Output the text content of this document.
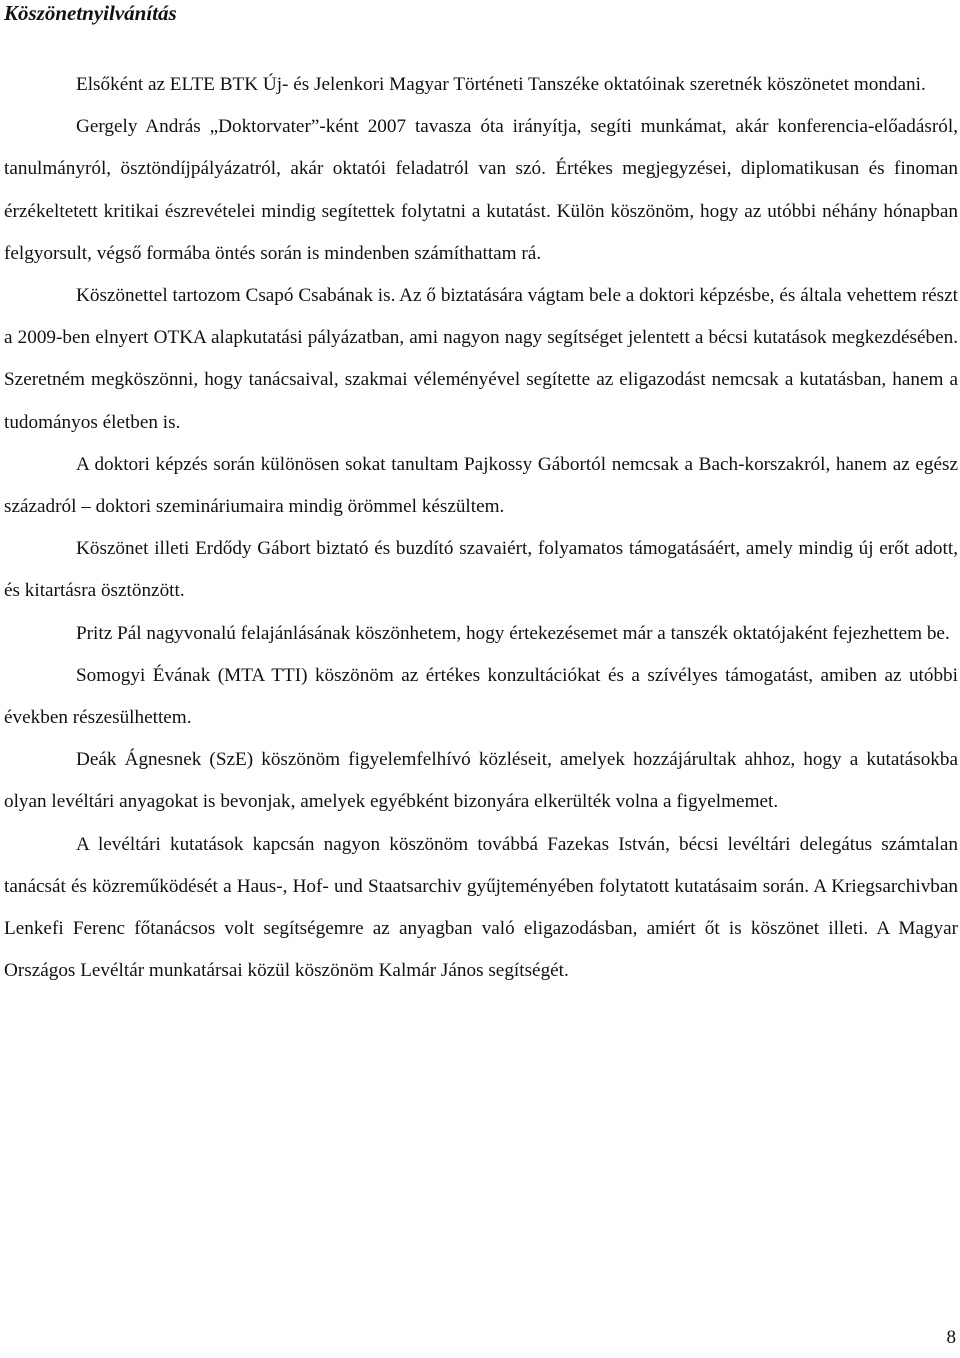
Köszönetnyilvánítás

Elsőként az ELTE BTK Új- és Jelenkori Magyar Történeti Tanszéke oktatóinak szeretnék köszönetet mondani.

Gergely András „Doktorvater”-ként 2007 tavasza óta irányítja, segíti munkámat, akár konferencia-előadásról, tanulmányról, ösztöndíjpályázatról, akár oktatói feladatról van szó. Értékes megjegyzései, diplomatikusan és finoman érzékeltetett kritikai észrevételei mindig segítettek folytatni a kutatást. Külön köszönöm, hogy az utóbbi néhány hónapban felgyorsult, végső formába öntés során is mindenben számíthattam rá.

Köszönettel tartozom Csapó Csabának is. Az ő biztatására vágtam bele a doktori képzésbe, és általa vehettem részt a 2009-ben elnyert OTKA alapkutatási pályázatban, ami nagyon nagy segítséget jelentett a bécsi kutatások megkezdésében. Szeretném megköszönni, hogy tanácsaival, szakmai véleményével segítette az eligazodást nemcsak a kutatásban, hanem a tudományos életben is.

A doktori képzés során különösen sokat tanultam Pajkossy Gábortól nemcsak a Bach-korszakról, hanem az egész századról – doktori szemináriumaira mindig örömmel készültem.

Köszönet illeti Erdődy Gábort biztató és buzdító szavaiért, folyamatos támogatásáért, amely mindig új erőt adott, és kitartásra ösztönzött.

Pritz Pál nagyvonalú felajánlásának köszönhetem, hogy értekezésemet már a tanszék oktatójaként fejezhettem be.

Somogyi Évának (MTA TTI) köszönöm az értékes konzultációkat és a szívélyes támogatást, amiben az utóbbi években részesülhettem.

Deák Ágnesnek (SzE) köszönöm figyelemfelhívó közléseit, amelyek hozzájárultak ahhoz, hogy a kutatásokba olyan levéltári anyagokat is bevonjak, amelyek egyébként bizonyára elkerülték volna a figyelmemet.

A levéltári kutatások kapcsán nagyon köszönöm továbbá Fazekas István, bécsi levéltári delegátus számtalan tanácsát és közreműködését a Haus-, Hof- und Staatsarchiv gyűjteményében folytatott kutatásaim során. A Kriegsarchivban Lenkefi Ferenc főtanácsos volt segítségemre az anyagban való eligazodásban, amiért őt is köszönet illeti. A Magyar Országos Levéltár munkatársai közül köszönöm Kalmár János segítségét.

8
